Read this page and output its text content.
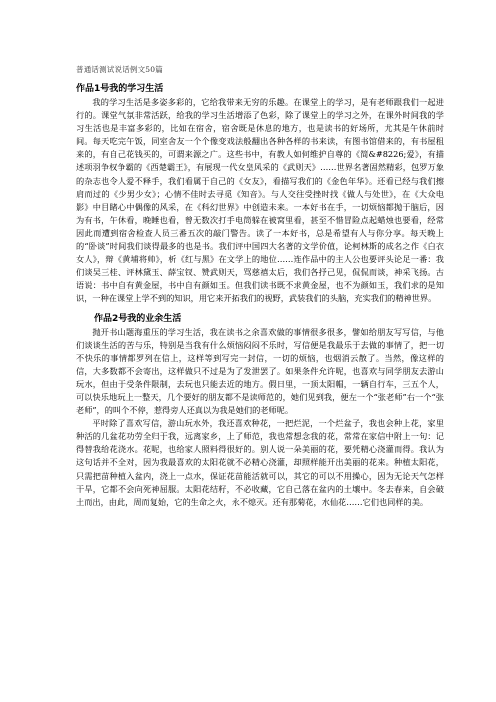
普通话测试说话例文50篇
作品1号我的学习生活

我的学习生活是多姿多彩的，它给我带来无穷的乐趣。在课堂上的学习，是有老师跟我们一起进行的。课堂气氛非常活跃，给我的学习生活增添了色彩，除了课堂上的学习之外，在课外时间我的学习生活也是丰富多彩的，比如在宿舍，宿舍既是休息的地方，也是读书的好场所，尤其是午休前时间。每天吃完午饭，同室舍友一个个像变戏法般翻出各种各样的书来读，有图书馆借来的，有书屋租来的，有自己花钱买的，可谓来源之广。这些书中，有教人如何维护自尊的《简&#8226;爱》，有描述项羽争权争霸的《西楚霸王》，有展现一代女皇风采的《武则天》……世界名著固然精彩，包罗万象的杂志也令人爱不释手，我们看属于自己的《女友》，看描写我们的《金色年华》。还看已经与我们擦肩而过的《少男少女》；心情不佳时去寻觅《知音》。与人交往受挫时找《做人与处世》，在《大众电影》中目睹心中偶像的风采，在《科幻世界》中创造未来。一本好书在手，一切烦恼都抛于脑后，因为有书，午休看，晚睡也看，曾无数次打手电筒躲在被窝里看，甚至不惜冒险点起蜡烛也要看，经常因此而遭到宿舍检查人员三番五次的敲门警告。读了一本好书，总是希望有人与你分享。每天晚上的“卧谈”时间我们谈得最多的也是书。我们评中国四大名著的文学价值，论柯林斯的成名之作《白衣女人》，辩《黄埔将帅》，析《红与黑》在文学上的地位……连作品中的主人公也要评头论足一番：我们谈吴三桂、评林黛玉、薛宝钗、赞武则天，骂慈禧太后，我们各抒己见，侃侃而谈，神采飞扬。古语说：书中自有黄金屋，书中自有颜如玉。但我们读书既不求黄金屋，也不为颜如玉，我们求的是知识，一种在课堂上学不到的知识，用它来开拓我们的视野，武装我们的头脑，充实我们的精神世界。

作品2号我的业余生活

抛开书山题海重压的学习生活，我在读书之余喜欢做的事情很多很多，譬如给朋友写写信，与他们谈谈生活的苦与乐，特别是当我有什么烦恼闷闷不乐时，写信便是我最乐于去做的事情了，把一切不快乐的事情都罗列在信上，这样等到写完一封信，一切的烦恼，也烟消云散了。当然，像这样的信，大多数都不会寄出，这样做只不过是为了发泄罢了。如果条件允许呢，也喜欢与同学朋友去游山玩水，但由于受条件限制，去玩也只能去近的地方。假日里，一顶太阳帽，一辆自行车，三五个人，可以快乐地玩上一整天，几个要好的朋友都不是读师范的，她们见到我，便左一个“张老师”右一个“张老师”，的叫个不停，惹得旁人还真以为我是她们的老师呢。

平时除了喜欢写信，游山玩水外，我还喜欢种花，一把烂泥，一个烂盆子，我也会种上花，家里种活的几盆花功劳全归于我，远离家乡，上了师范，我也常想念我的花，常常在家信中附上一句：记得替我给花浇水。花呢，也给家人照料得很好的。别人说一朵美丽的花，要凭精心浇灌而得。我认为这句话并不全对，因为我最喜欢的太阳花就不必精心浇灌，却照样能开出美丽的花来。种植太阳花，只需把苗种植入盆内，浇上一点水，保证花苗能活就可以，其它的可以不用操心，因为无论天气怎样干旱，它都不会向死神屈服。太阳花结籽，不必收藏，它自己落在盆内的土壤中。冬去春来，自会破土而出，由此，周而复始，它的生命之火，永不熄灭。还有那菊花，水仙花……它们也同样的美。
